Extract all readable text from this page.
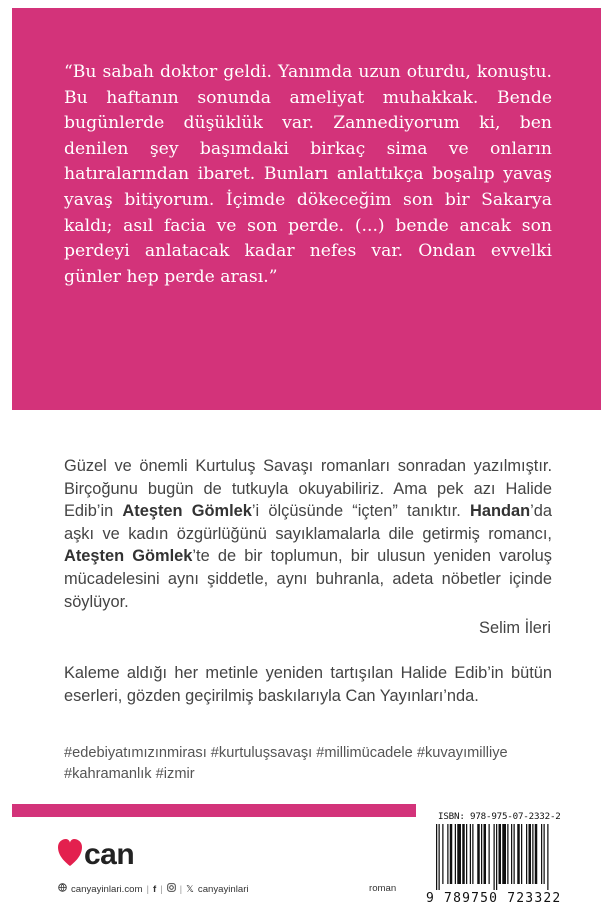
“Bu sabah doktor geldi. Yanımda uzun oturdu, konuştu. Bu haftanın sonunda ameliyat muhakkak. Bende bugünlerde düşüklük var. Zannediyorum ki, ben denilen şey başımdaki birkaç sima ve onların hatıralarından ibaret. Bunları anlattıkça boşalıp yavaş yavaş bitiyorum. İçimde dökeceğim son bir Sakarya kaldı; asıl facia ve son perde. (...) bende ancak son perdeyi anlatacak kadar nefes var. Ondan evvelki günler hep perde arası.”

Güzel ve önemli Kurtuluş Savaşı romanları sonradan yazılmıştır. Birçoğunu bugün de tutkuyla okuyabiliriz. Ama pek azı Halide Edib’in Ateşten Gömlek’i ölçüsünde “içten” tanıktır. Handan’da aşkı ve kadın özgürlüğünü sayıklamalarla dile getirmiş romancı, Ateşten Gömlek’te de bir toplumun, bir ulusun yeniden varoluş mücadelesini aynı şiddetle, aynı buhranla, adeta nöbetler içinde söylüyor.

Selim İleri

Kaleme aldığı her metinle yeniden tartışılan Halide Edib’in bütün eserleri, gözden geçirilmiş baskılarıyla Can Yayınları’nda.

#edebiyatımızınmirası #kurtuluşsavaşı #millimücadele #kuvayımilliye #kahramanlık #izmir

can
canyayinlari.com | f | | 𝕏 canyayinlari	roman
ISBN: 978-975-07-2332-2
9 789750 723322
